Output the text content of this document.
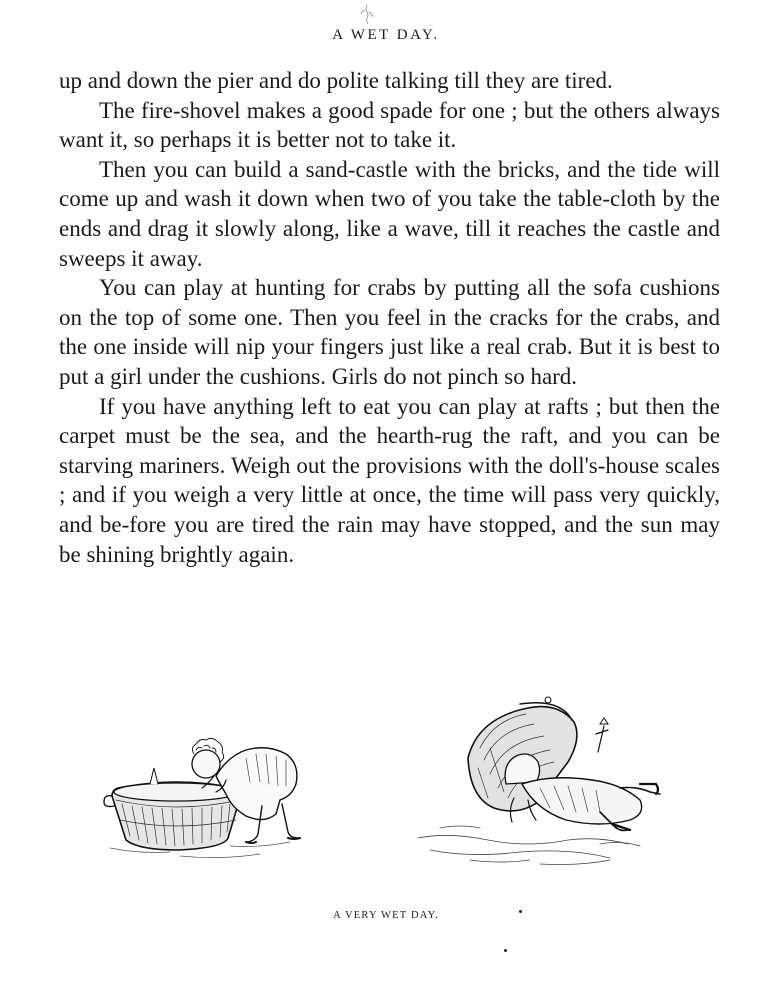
A WET DAY.

up and down the pier and do polite talking till they are tired.

The fire-shovel makes a good spade for one ; but the others always want it, so perhaps it is better not to take it.

Then you can build a sand-castle with the bricks, and the tide will come up and wash it down when two of you take the table-cloth by the ends and drag it slowly along, like a wave, till it reaches the castle and sweeps it away.

You can play at hunting for crabs by putting all the sofa cushions on the top of some one. Then you feel in the cracks for the crabs, and the one inside will nip your fingers just like a real crab. But it is best to put a girl under the cushions. Girls do not pinch so hard.

If you have anything left to eat you can play at rafts ; but then the carpet must be the sea, and the hearth-rug the raft, and you can be starving mariners. Weigh out the provisions with the doll's-house scales ; and if you weigh a very little at once, the time will pass very quickly, and be-fore you are tired the rain may have stopped, and the sun may be shining brightly again.

A VERY WET DAY.
